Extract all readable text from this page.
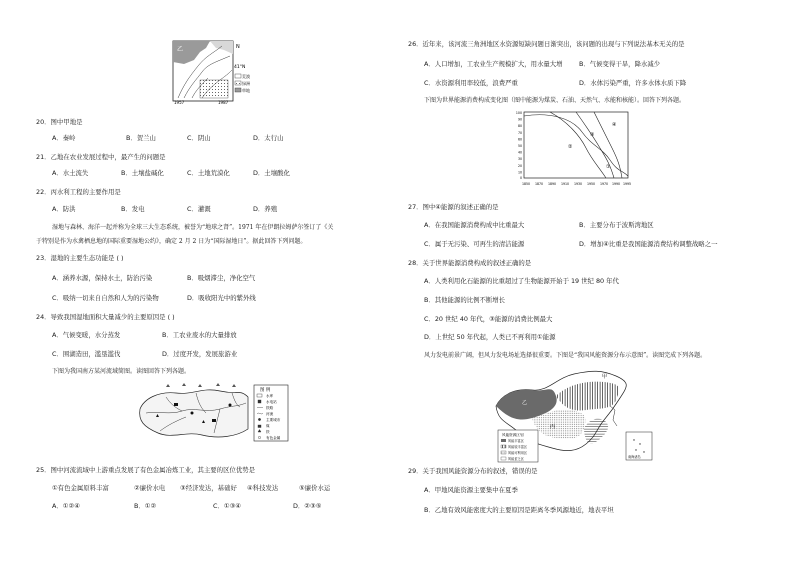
乙	N
41°N
荒漠
绿洲
草地
1957	1987
20．图中甲地是
A．秦岭	B．贺兰山	C．阴山	D．太行山
21．乙地在农业发展过程中，最产生的问题是
A．水土流失	B．土壤盐碱化	C．土地荒漠化	D．土壤酸化
22．丙水利工程的主要作用是
A．防洪	B．发电	C．灌溉	D．养殖
湿地与森林、海洋一起并称为全球三大生态系统，被誉为“地球之肾”。1971 年在伊朗拉姆萨尔签订了《关
于特别是作为水禽栖息地的国际重要湿地公约》，确定 2 月 2 日为“国际湿地日”。据此回答下列问题。
23．湿地的主要生态功能是 ( )
A．涵养水源，保持水土，防治污染	B．吸烟滞尘，净化空气
C．吸纳一切来自自然和人为的污染物	D．吸收阳光中的紫外线
24．导致我国湿地面积大量减少的主要原因是 ( )
A．气候变暖，水分蒸发	B．工农业废水的大量排放
C．围湖造田，滥垦滥伐	D．过度开发，发展旅游业
下图为我国南方某河流域简图。读图回答下列各题。
图 例
水库
水电站
铁路
河流
主要城市
煤
铁
有色金属
25．图中河流流域中上游重点发展了有色金属冶炼工业，其主要的区位优势是
①有色金属原料丰富	②廉价水电 ③经济发达，基础好 ④科技发达	⑤廉价水运
A．①②④	B．①②	C．①③④	D．②③⑤
26．近年来，该河流三角洲地区水资源短缺问题日渐突出，该问题的出现与下列说法基本无关的是
A．人口增加，工农业生产规模扩大，用水量大增	B．气候变得干旱，降水减少
C．水资源利用率较低，浪费严重	D．水体污染严重，许多水体水质下降
下图为世界能源消费构成变化图（图中能源为煤炭、石油、天然气、水能和核能）。回答下列各题。
①
②
③
④
100
90
80
70
60
50
40
30
20
10
0
1850 1870 1890 1910 1930 1950 1970 1990 1995
27．图中④能源的叙述正确的是
A．在我国能源消费构成中比重最大	B．主要分布于波斯湾地区
C．属于无污染、可再生的清洁能源	D．增加④比重是我国能源消费结构调整战略之一
28．关于世界能源消费构成的叙述正确的是
A．人类利用化石能源的比重超过了生物能源开始于 19 世纪 80 年代
B．其他能源的比例不断增长
C．20 世纪 40 年代，③能源的消费比例最大
D．上世纪 50 年代起，人类已不再利用①能源
风力发电前景广阔，但风力发电场址选择很重要。下图是“我国风能资源分布示意图”。读图完成下列各题。
甲
乙
丙
风能资源区划
风能丰富区
风能较丰富区
风能可利用区
风能贫乏区	南海诸岛
29．关于我国风能资源分布的叙述，错误的是
A．甲地风能资源主要集中在夏季
B．乙地有效风能密度大的主要原因是距离冬季风源地近，地表平坦
